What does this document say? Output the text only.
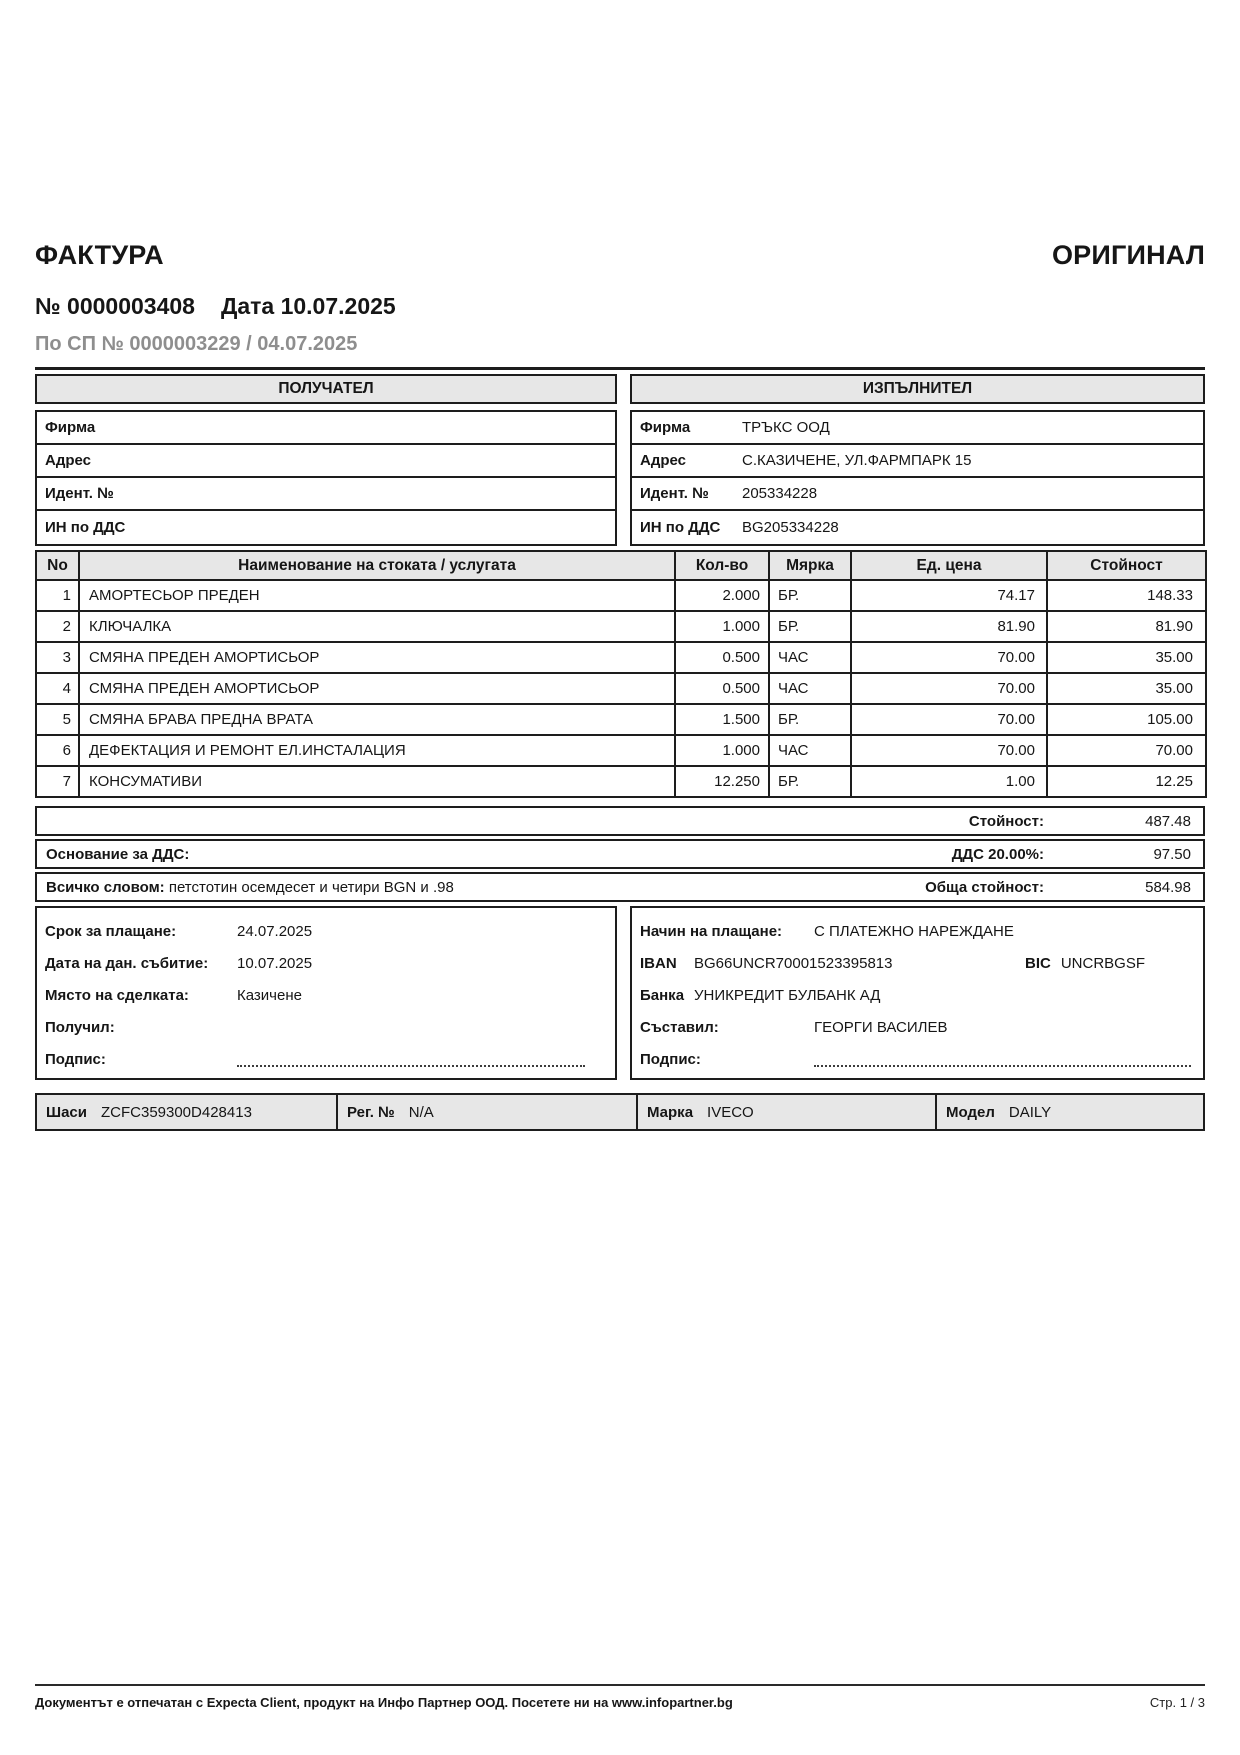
ФАКТУРА	ОРИГИНАЛ
№
0000003408 Дата 10.07.2025
По СП № 0000003229 / 04.07.2025
ПОЛУЧАТЕЛ
Фирма
Адрес
Идент. №
ИН по ДДС
ИЗПЪЛНИТЕЛ
Фирма	ТРЪКС ООД
Адрес	С.КАЗИЧЕНЕ, УЛ.ФАРМПАРК 15
Идент. №	205334228
ИН по ДДС	BG205334228
No	Наименование на стоката / услугата	Кол-во	Мярка	Ед. цена	Стойност
1	АМОРТЕСЬОР ПРЕДЕН	2.000	БР.	74.17	148.33
2	КЛЮЧАЛКА	1.000	БР.	81.90	81.90
3	СМЯНА ПРЕДЕН АМОРТИСЬОР	0.500	ЧАС	70.00	35.00
4	СМЯНА ПРЕДЕН АМОРТИСЬОР	0.500	ЧАС	70.00	35.00
5	СМЯНА БРАВА ПРЕДНА ВРАТА	1.500	БР.	70.00	105.00
6	ДЕФЕКТАЦИЯ И РЕМОНТ ЕЛ.ИНСТАЛАЦИЯ	1.000	ЧАС	70.00	70.00
7	КОНСУМАТИВИ	12.250	БР.	1.00	12.25
Стойност:	487.48
Основание за ДДС:	ДДС 20.00%:	97.50
Всичко словом: петстотин осемдесет и четири BGN и .98	Обща стойност:	584.98
Срок за плащане:	24.07.2025
Дата на дан. събитие:	10.07.2025
Място на сделката:	Казичене
Получил:
Подпис:
Начин на плащане:	С ПЛАТЕЖНО НАРЕЖДАНЕ
IBAN	BG66UNCR70001523395813	BIC UNCRBGSF
Банка УНИКРЕДИТ БУЛБАНК АД
Съставил:	ГЕОРГИ ВАСИЛЕВ
Подпис:
Шаси ZCFC359300D428413	Рег. № N/A	Марка IVECO	Модел DAILY
Документът е отпечатан с Expecta Client, продукт на Инфо Партнер ООД. Посетете ни на www.infopartner.bg	Стр. 1 / 3
